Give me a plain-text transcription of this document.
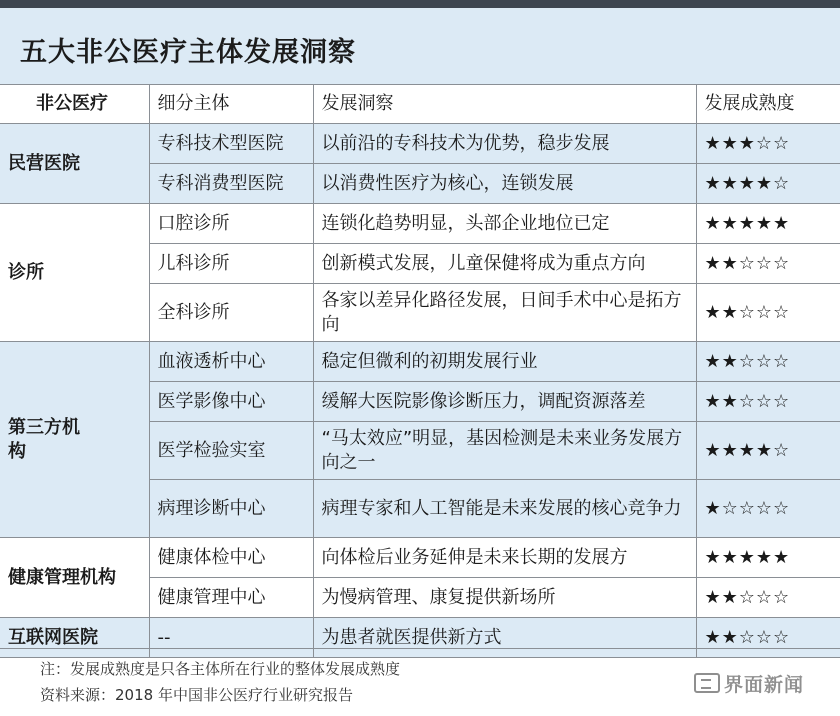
五大非公医疗主体发展洞察
非公医疗	细分主体	发展洞察	发展成熟度
民营医院	专科技术型医院	以前沿的专科技术为优势，稳步发展	★★★☆☆
	专科消费型医院	以消费性医疗为核心，连锁发展	★★★★☆
诊所	口腔诊所	连锁化趋势明显，头部企业地位已定	★★★★★
	儿科诊所	创新模式发展，儿童保健将成为重点方向	★★☆☆☆
	全科诊所	各家以差异化路径发展，日间手术中心是拓方向	★★☆☆☆
第三方机构	血液透析中心	稳定但微利的初期发展行业	★★☆☆☆
	医学影像中心	缓解大医院影像诊断压力，调配资源落差	★★☆☆☆
	医学检验实室	“马太效应”明显，基因检测是未来业务发展方向之一	★★★★☆
	病理诊断中心	病理专家和人工智能是未来发展的核心竞争力	★☆☆☆☆
健康管理机构	健康体检中心	向体检后业务延伸是未来长期的发展方	★★★★★
	健康管理中心	为慢病管理、康复提供新场所	★★☆☆☆
互联网医院	--	为患者就医提供新方式	★★☆☆☆
注：发展成熟度是只各主体所在行业的整体发展成熟度
资料来源：2018 年中国非公医疗行业研究报告	界面新闻
